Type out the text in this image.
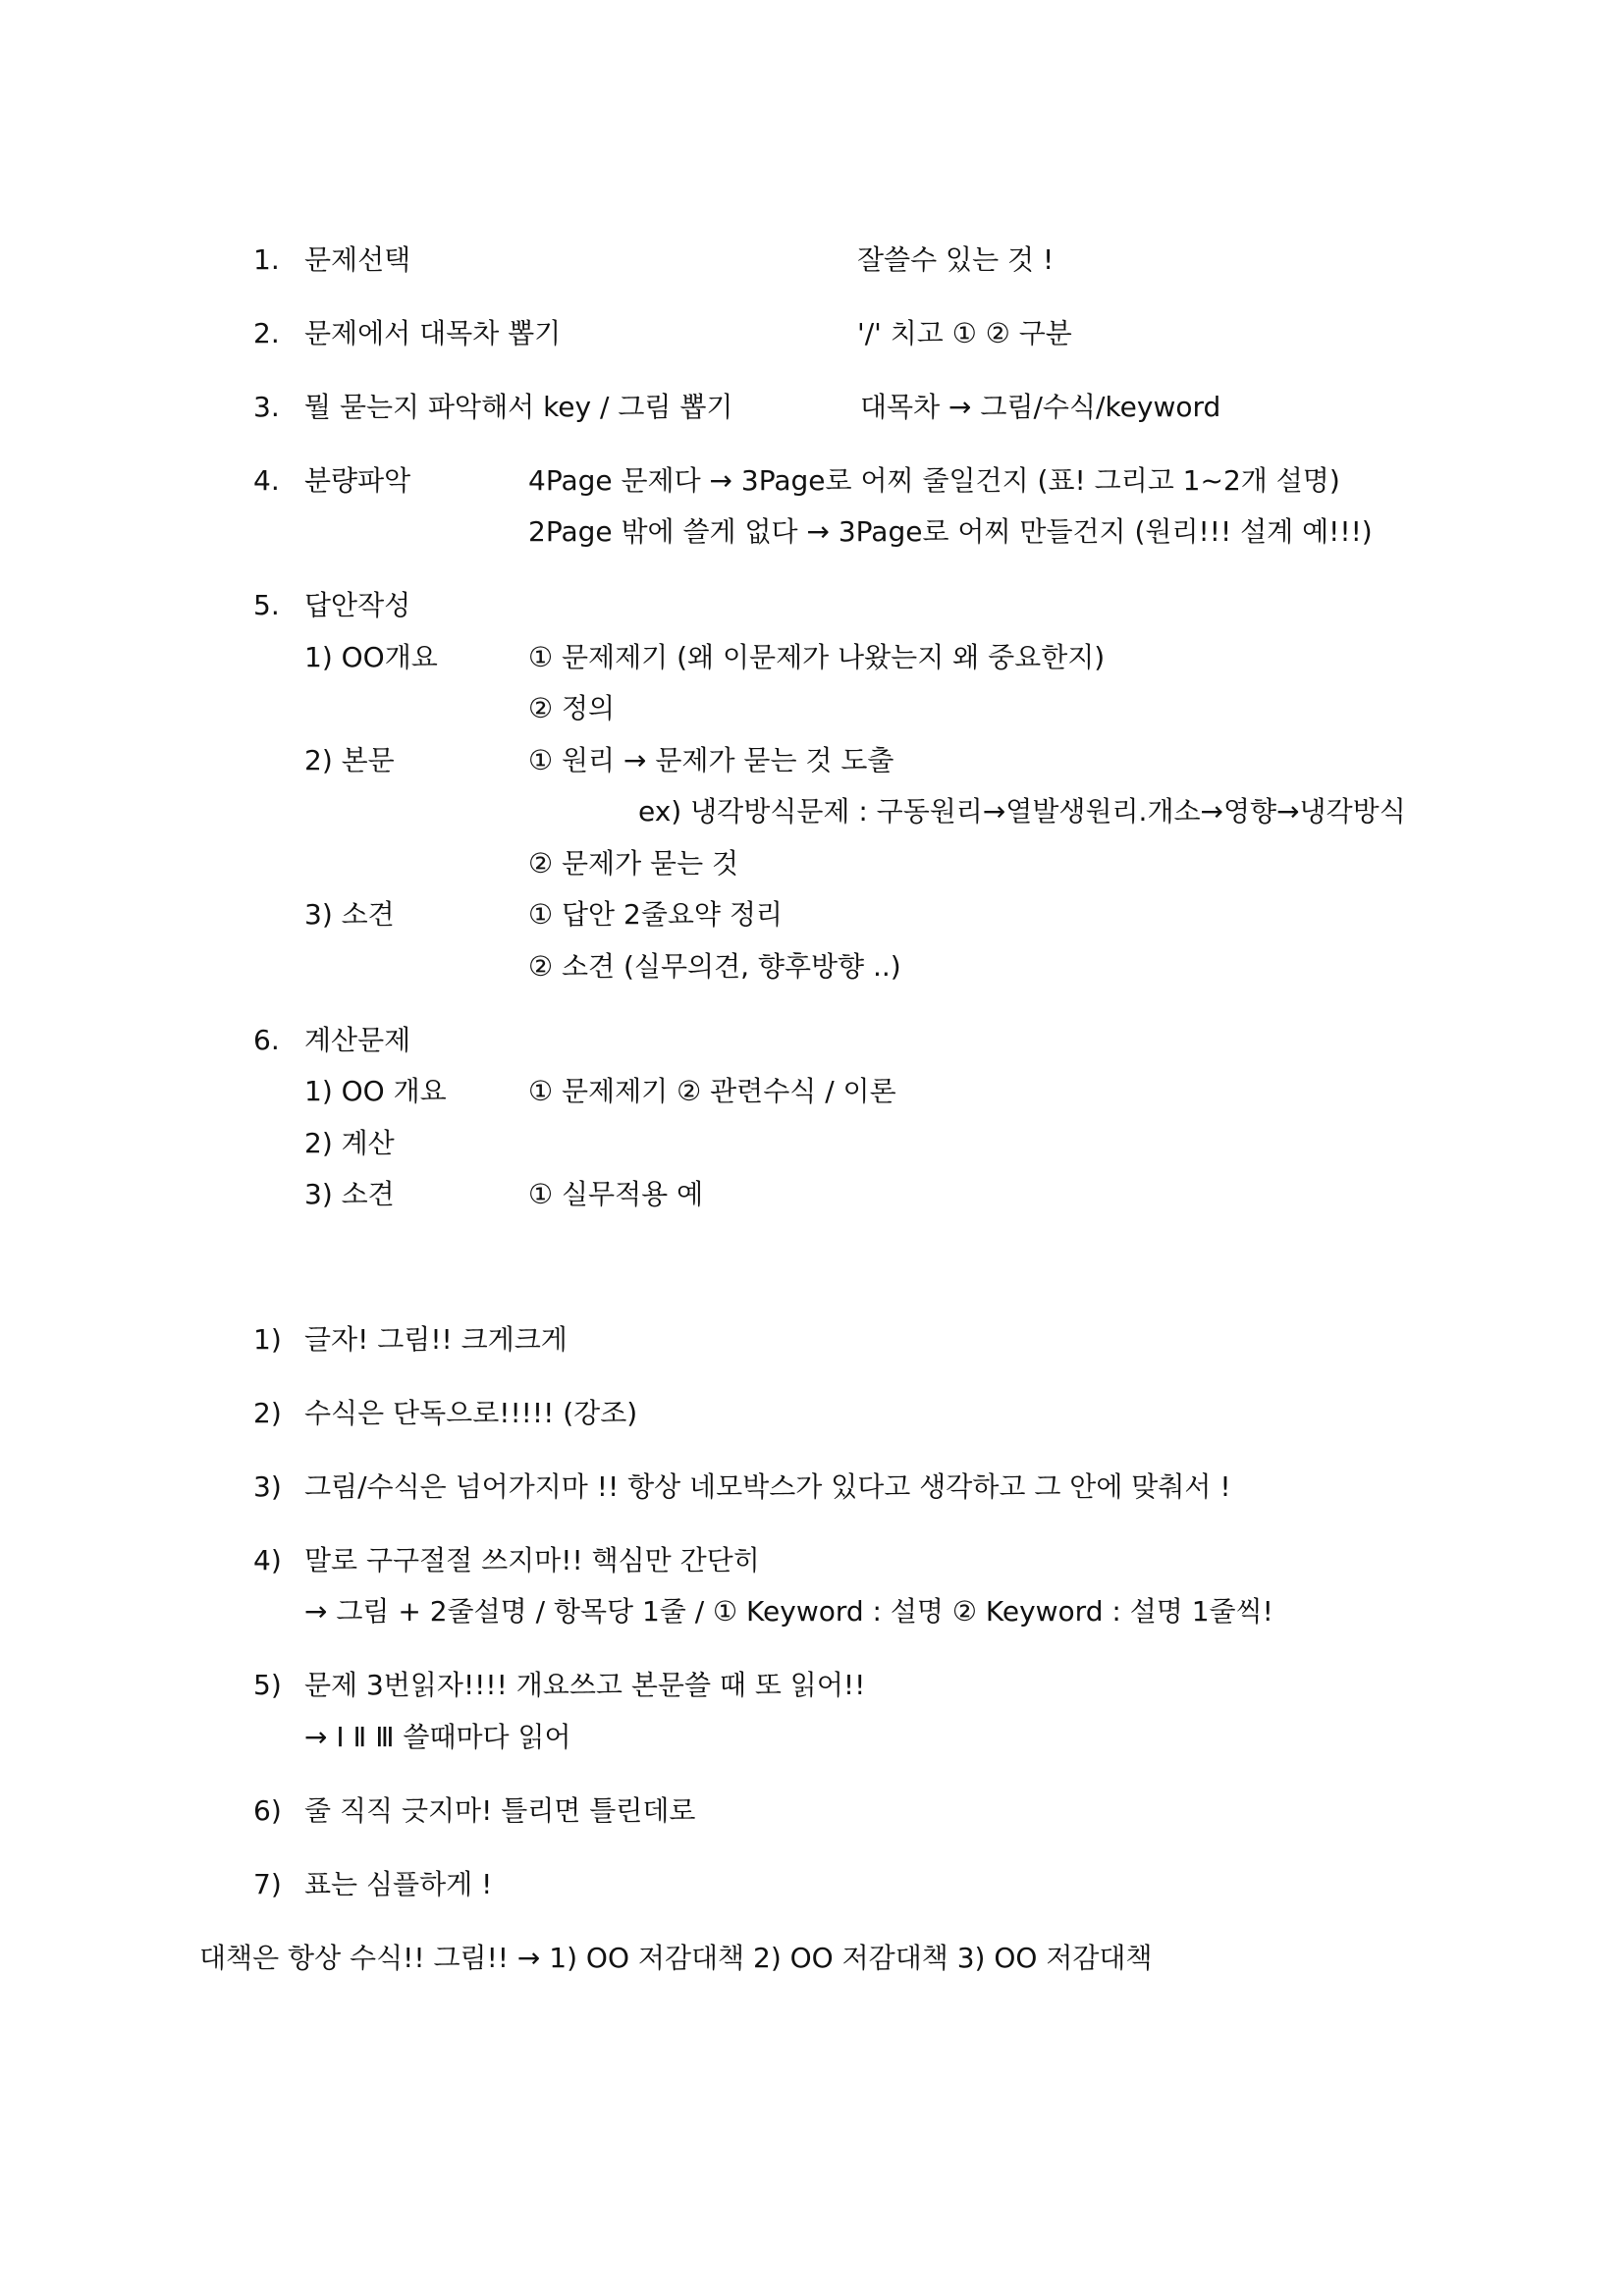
1. 문제선택	잘쓸수 있는 것 !
2. 문제에서 대목차 뽑기	'/' 치고 ① ② 구분
3. 뭘 묻는지 파악해서 key / 그림 뽑기	대목차 → 그림/수식/keyword
4. 분량파악	4Page 문제다 → 3Page로 어찌 줄일건지 (표! 그리고 1~2개 설명)
2Page 밖에 쓸게 없다 → 3Page로 어찌 만들건지 (원리!!! 설계 예!!!)
5. 답안작성
1) OO개요	① 문제제기 (왜 이문제가 나왔는지 왜 중요한지)
② 정의
2) 본문	① 원리 → 문제가 묻는 것 도출
ex) 냉각방식문제 : 구동원리→열발생원리.개소→영향→냉각방식
② 문제가 묻는 것
3) 소견	① 답안 2줄요약 정리
② 소견 (실무의견, 향후방향 ..)
6. 계산문제
1) OO 개요	① 문제제기 ② 관련수식 / 이론
2) 계산
3) 소견	① 실무적용 예
1) 글자! 그림!! 크게크게
2) 수식은 단독으로!!!!! (강조)
3) 그림/수식은 넘어가지마 !! 항상 네모박스가 있다고 생각하고 그 안에 맞춰서 !
4) 말로 구구절절 쓰지마!! 핵심만 간단히
→ 그림 + 2줄설명 / 항목당 1줄 / ① Keyword : 설명 ② Keyword : 설명 1줄씩!
5) 문제 3번읽자!!!! 개요쓰고 본문쓸 때 또 읽어!!
→ Ⅰ Ⅱ Ⅲ 쓸때마다 읽어
6) 줄 직직 긋지마! 틀리면 틀린데로
7) 표는 심플하게 !
대책은 항상 수식!! 그림!! → 1) OO 저감대책 2) OO 저감대책 3) OO 저감대책
